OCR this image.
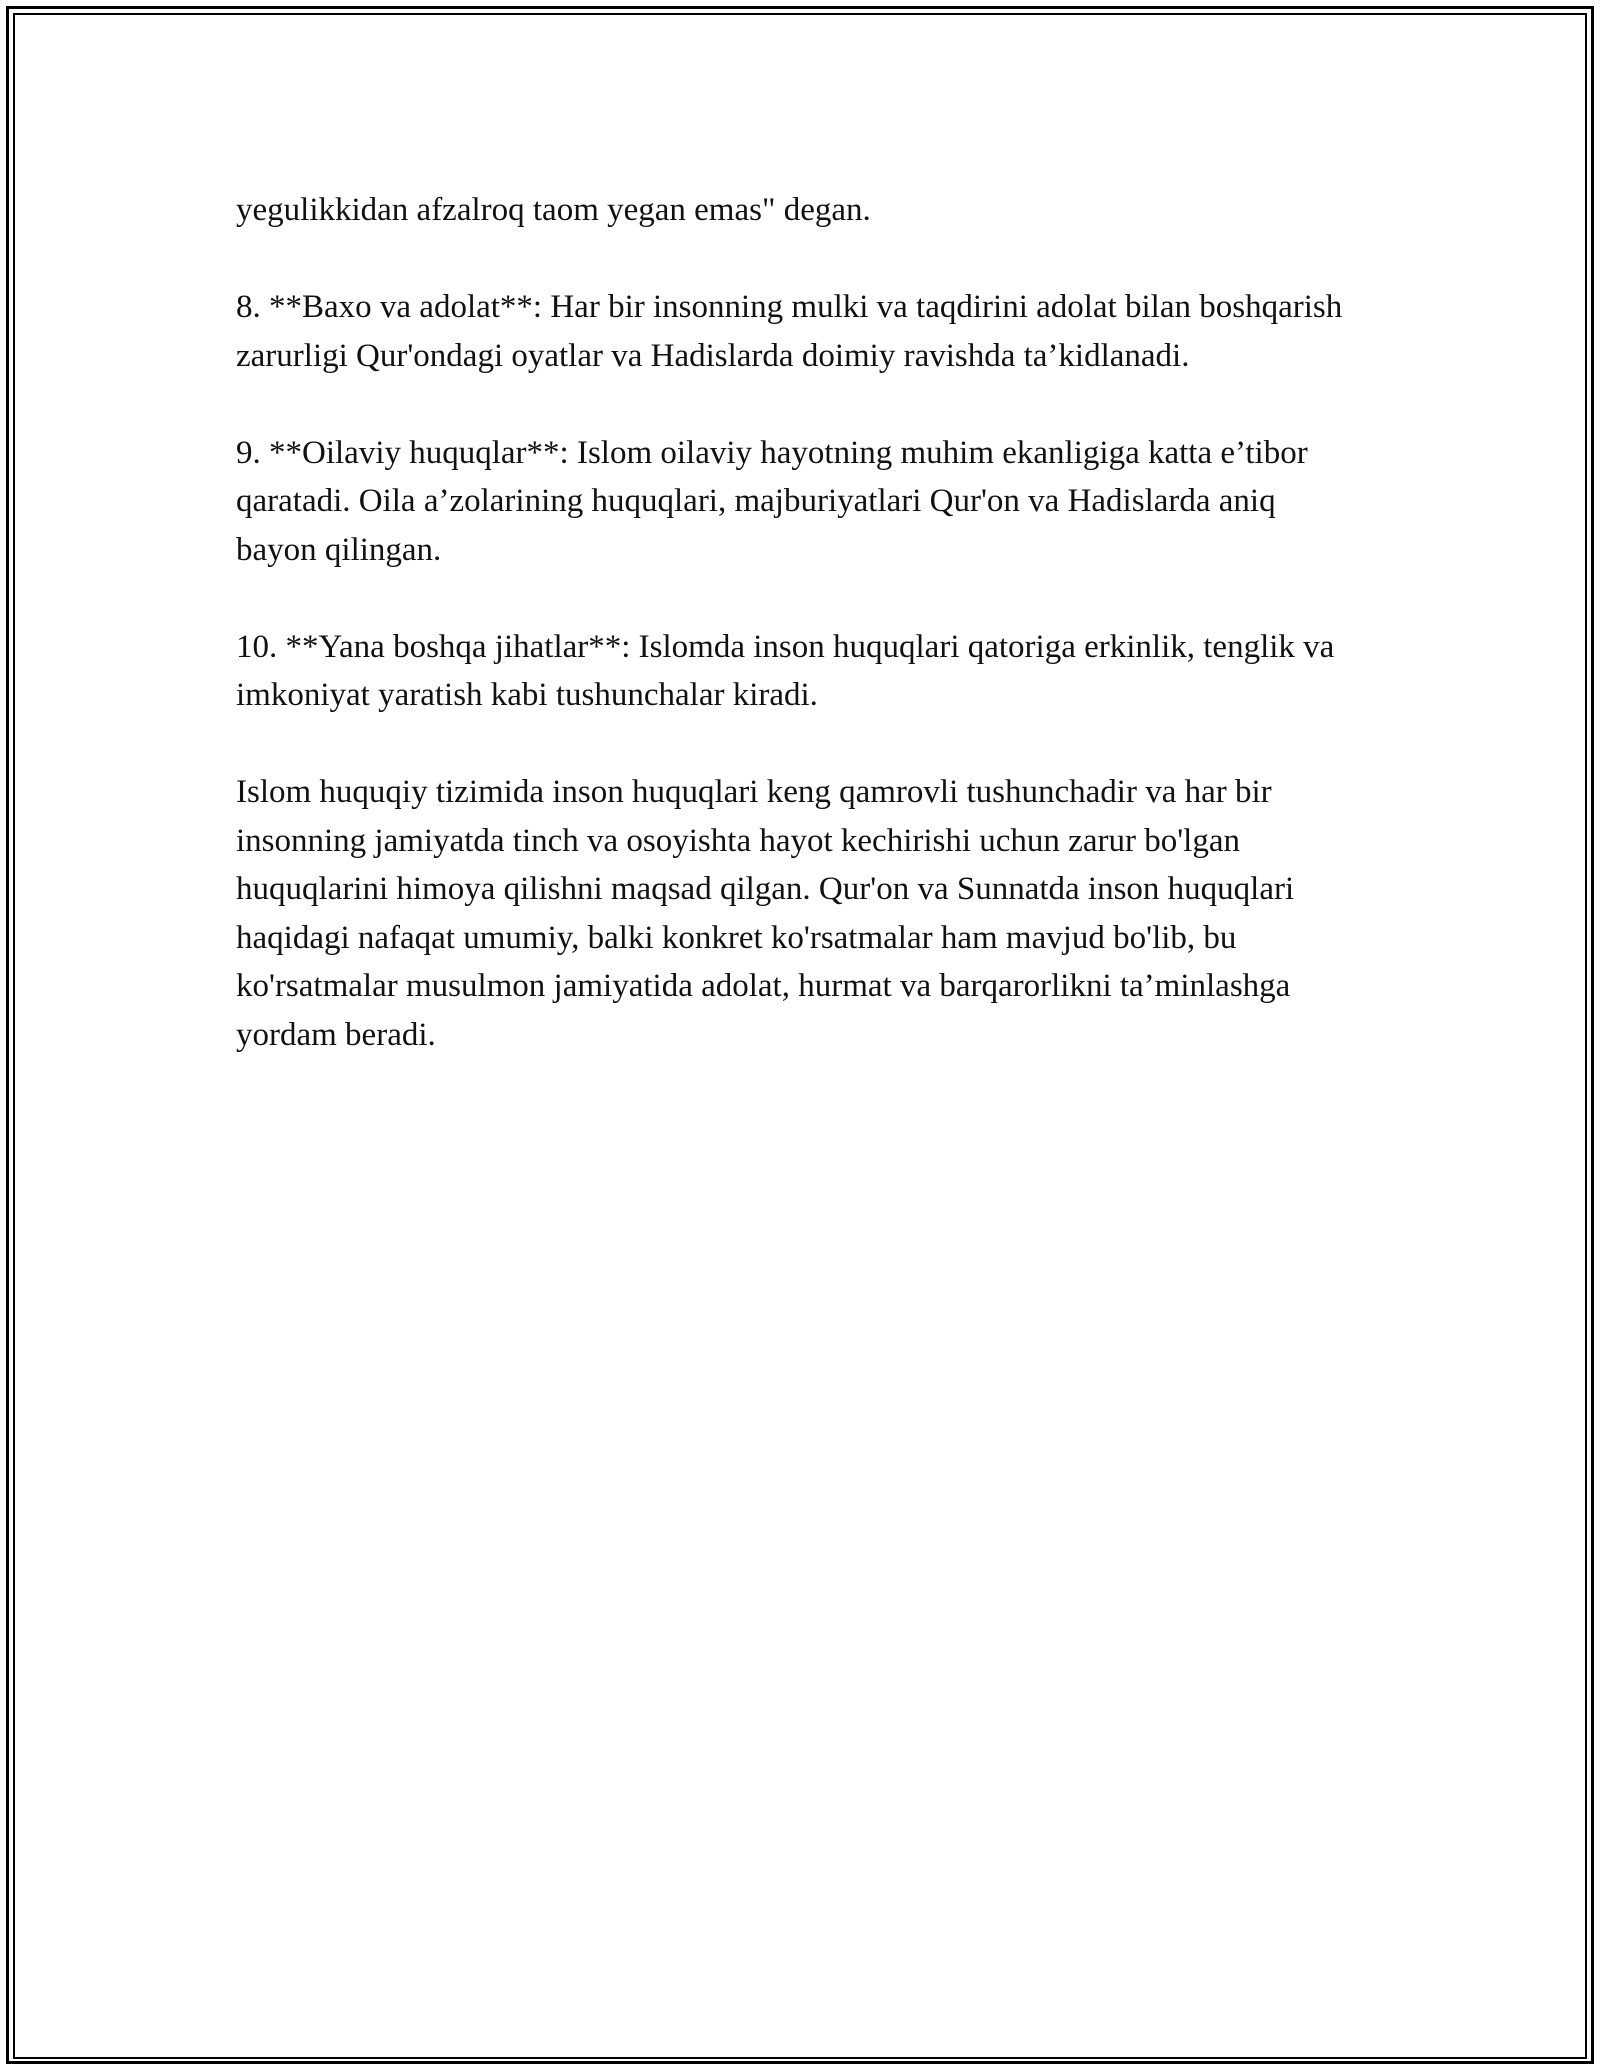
yegulikkidan afzalroq taom yegan emas" degan.

8. **Baxo va adolat**: Har bir insonning mulki va taqdirini adolat bilan boshqarish zarurligi Qur'ondagi oyatlar va Hadislarda doimiy ravishda ta’kidlanadi.

9. **Oilaviy huquqlar**: Islom oilaviy hayotning muhim ekanligiga katta e’tibor qaratadi. Oila a’zolarining huquqlari, majburiyatlari Qur'on va Hadislarda aniq bayon qilingan.

10. **Yana boshqa jihatlar**: Islomda inson huquqlari qatoriga erkinlik, tenglik va imkoniyat yaratish kabi tushunchalar kiradi.

Islom huquqiy tizimida inson huquqlari keng qamrovli tushunchadir va har bir insonning jamiyatda tinch va osoyishta hayot kechirishi uchun zarur bo'lgan huquqlarini himoya qilishni maqsad qilgan. Qur'on va Sunnatda inson huquqlari haqidagi nafaqat umumiy, balki konkret ko'rsatmalar ham mavjud bo'lib, bu ko'rsatmalar musulmon jamiyatida adolat, hurmat va barqarorlikni ta’minlashga yordam beradi.
